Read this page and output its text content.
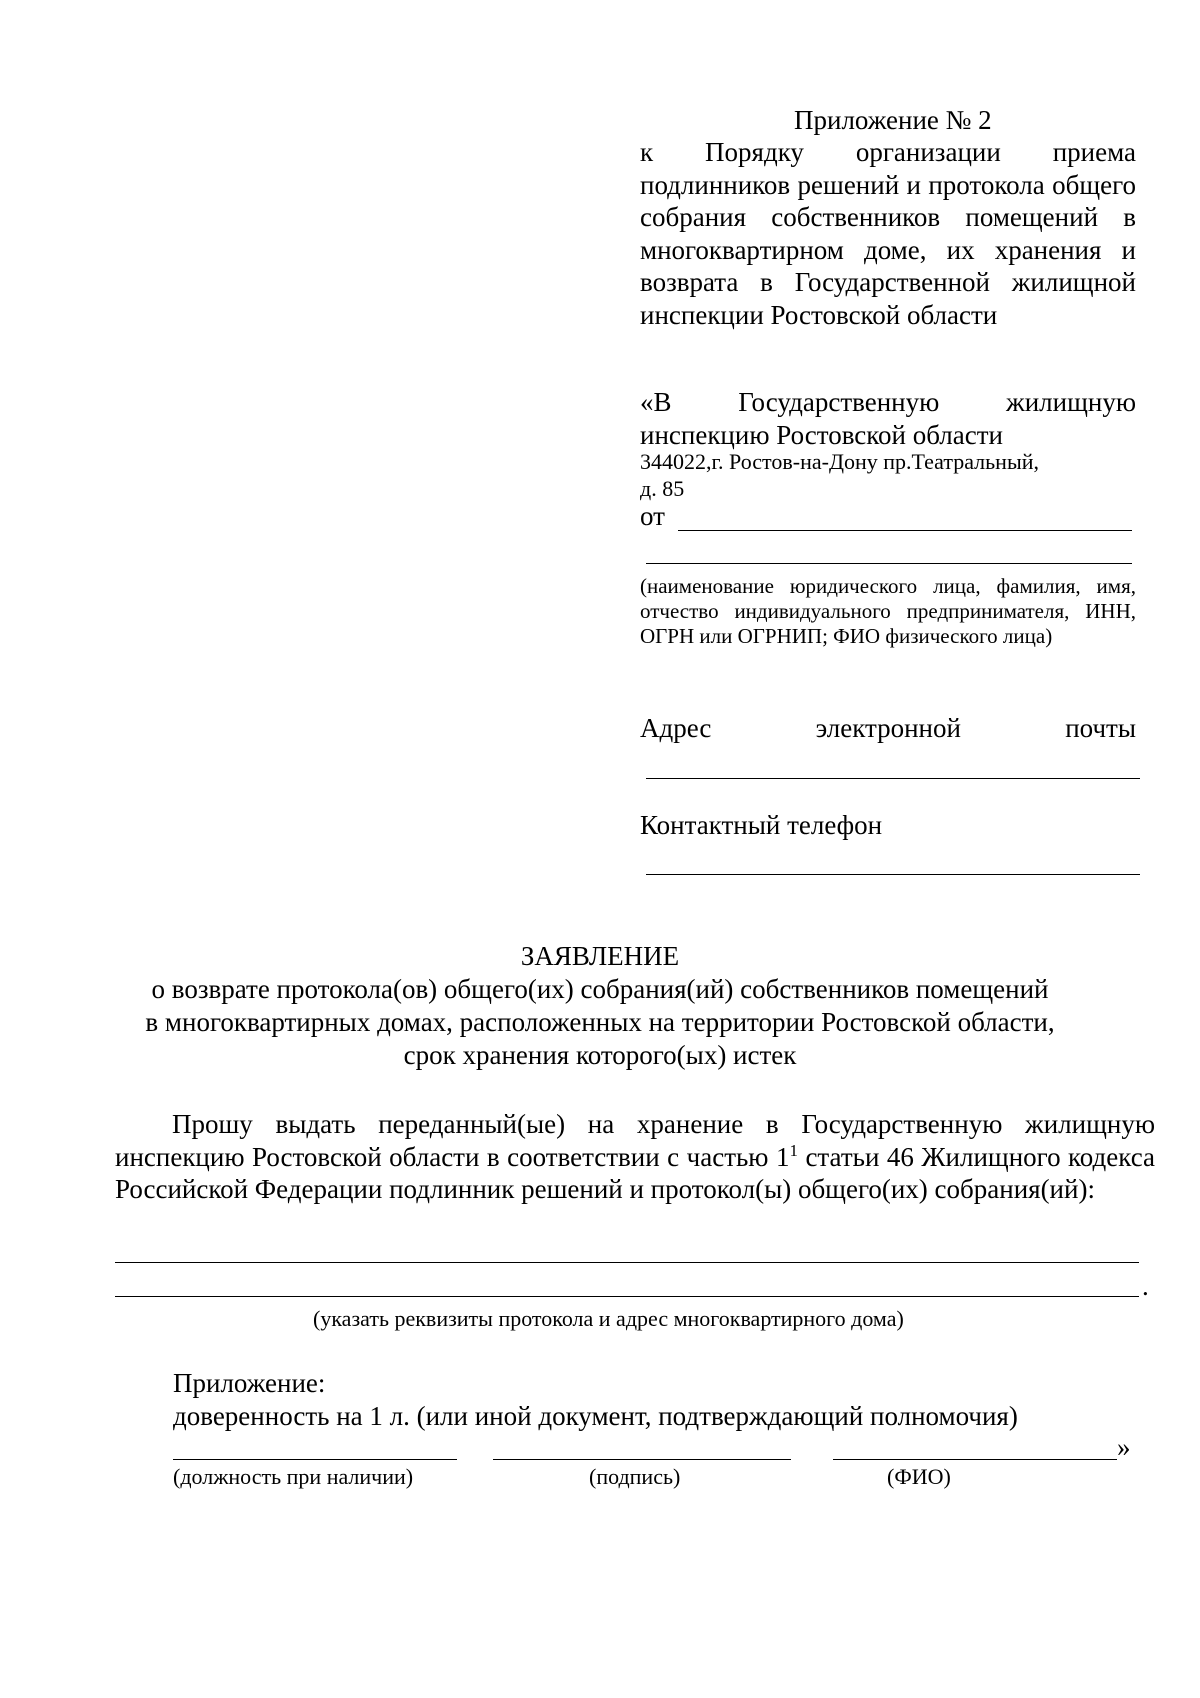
Приложение № 2
к Порядку организации приема подлинников решений и протокола общего собрания собственников помещений в многоквартирном доме, их хранения и возврата в Государственной жилищной инспекции Ростовской области
«В Государственную жилищную инспекцию Ростовской области
344022,г. Ростов-на-Дону пр.Театральный,
д. 85
от
(наименование юридического лица, фамилия, имя, отчество индивидуального предпринимателя, ИНН, ОГРН или ОГРНИП; ФИО физического лица)
Адрес электронной почты
Контактный телефон
ЗАЯВЛЕНИЕ
о возврате протокола(ов) общего(их) собрания(ий) собственников помещений
в многоквартирных домах, расположенных на территории Ростовской области,
срок хранения которого(ых) истек
Прошу выдать переданный(ые) на хранение в Государственную жилищную инспекцию Ростовской области в соответствии с частью $1^1$ статьи 46 Жилищного кодекса Российской Федерации подлинник решений и протокол(ы) общего(их) собрания(ий):
.
(указать реквизиты протокола и адрес многоквартирного дома)
Приложение:
доверенность на 1 л. (или иной документ, подтверждающий полномочия)
»
(должность при наличии)	(подпись)	(ФИО)
